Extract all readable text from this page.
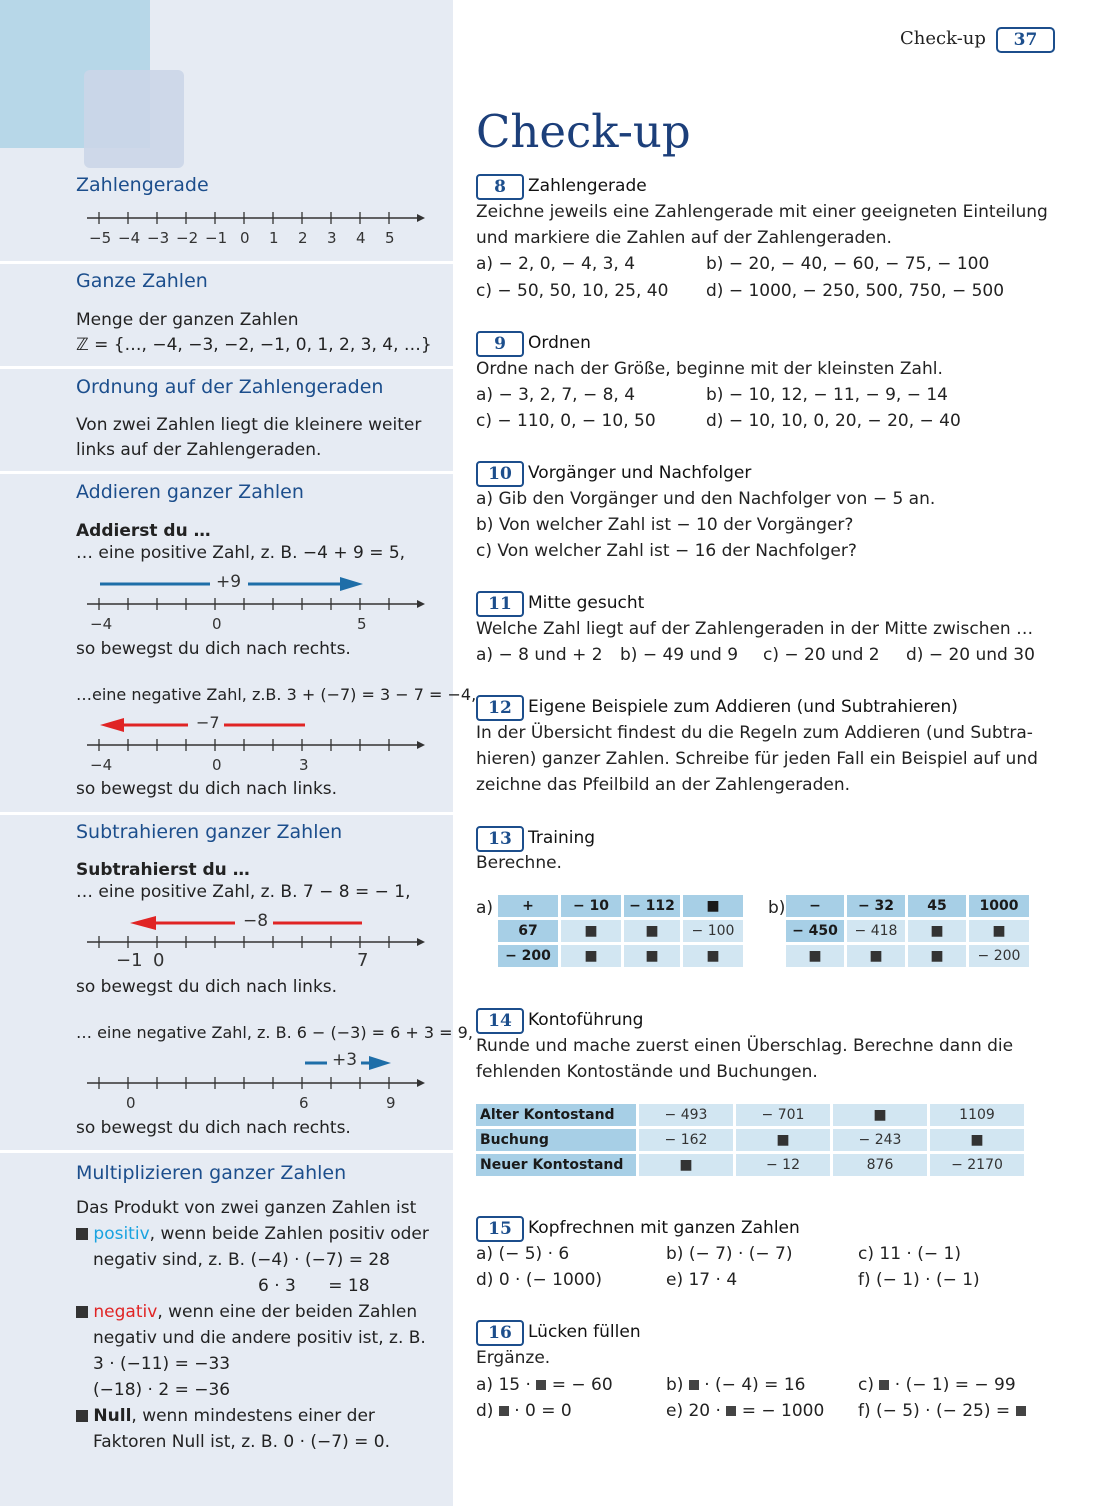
Zahlengerade
−5 −4 −3 −2 −1 0 1 2 3 4 5
Ganze Zahlen
Menge der ganzen Zahlen
ℤ = {…, −4, −3, −2, −1, 0, 1, 2, 3, 4, …}
Ordnung auf der Zahlengeraden
Von zwei Zahlen liegt die kleinere weiter
links auf der Zahlengeraden.
Addieren ganzer Zahlen
Addierst du …
… eine positive Zahl, z. B. −4 + 9 = 5,
+9
−4	0	5
so bewegst du dich nach rechts.
…eine negative Zahl, z.B. 3 + (−7) = 3 − 7 = −4,
−7
−4	0	3
so bewegst du dich nach links.
Subtrahieren ganzer Zahlen
Subtrahierst du …
… eine positive Zahl, z. B. 7 − 8 = − 1,
−8
−1 0	7
so bewegst du dich nach links.
… eine negative Zahl, z. B. 6 − (−3) = 6 + 3 = 9,
+3
0	6	9
so bewegst du dich nach rechts.
Multiplizieren ganzer Zahlen
Das Produkt von zwei ganzen Zahlen ist
positiv, wenn beide Zahlen positiv oder
negativ sind, z. B. (−4) · (−7) = 28
6 · 3      = 18
negativ, wenn eine der beiden Zahlen
negativ und die andere positiv ist, z. B.
3 · (−11) = −33
(−18) · 2 = −36
Null, wenn mindestens einer der
Faktoren Null ist, z. B. 0 · (−7) = 0.
Check-up	37
Check-up
8	Zahlengerade
Zeichne jeweils eine Zahlengerade mit einer geeigneten Einteilung
und markiere die Zahlen auf der Zahlengeraden.
a) − 2, 0, − 4, 3, 4	b) − 20, − 40, − 60, − 75, − 100
c) − 50, 50, 10, 25, 40 d) − 1000, − 250, 500, 750, − 500
9	Ordnen
Ordne nach der Größe, beginne mit der kleinsten Zahl.
a) − 3, 2, 7, − 8, 4	b) − 10, 12, − 11, − 9, − 14
c) − 110, 0, − 10, 50	d) − 10, 10, 0, 20, − 20, − 40
10 Vorgänger und Nachfolger
a) Gib den Vorgänger und den Nachfolger von − 5 an.
b) Von welcher Zahl ist − 10 der Vorgänger?
c) Von welcher Zahl ist − 16 der Nachfolger?
11 Mitte gesucht
Welche Zahl liegt auf der Zahlengeraden in der Mitte zwischen …
a) − 8 und + 2 b) − 49 und 9 c) − 20 und 2 d) − 20 und 30
12 Eigene Beispiele zum Addieren (und Subtrahieren)
In der Übersicht findest du die Regeln zum Addieren (und Subtra-
hieren) ganzer Zahlen. Schreibe für jeden Fall ein Beispiel auf und
zeichne das Pfeilbild an der Zahlengeraden.
13 Training
Berechne.
a) +	− 10	− 112	■
67	■	■	− 100
− 200	■	■	■
b) −	− 32	45	1000
− 450	− 418	■	■
■	■	■	− 200
14 Kontoführung
Runde und mache zuerst einen Überschlag. Berechne dann die
fehlenden Kontostände und Buchungen.
Alter Kontostand	− 493	− 701	■	1109
Buchung	− 162	■	− 243	■
Neuer Kontostand	■	− 12	876	− 2170
15 Kopfrechnen mit ganzen Zahlen
a) (− 5) · 6	b) (− 7) · (− 7)	c) 11 · (− 1)
d) 0 · (− 1000)	e) 17 · 4	f) (− 1) · (− 1)
16 Lücken füllen
Ergänze.
a) 15 ·  = − 60	b)  · (− 4) = 16	c)  · (− 1) = − 99
d)  · 0 = 0	e) 20 ·  = − 1000 f) (− 5) · (− 25) =
